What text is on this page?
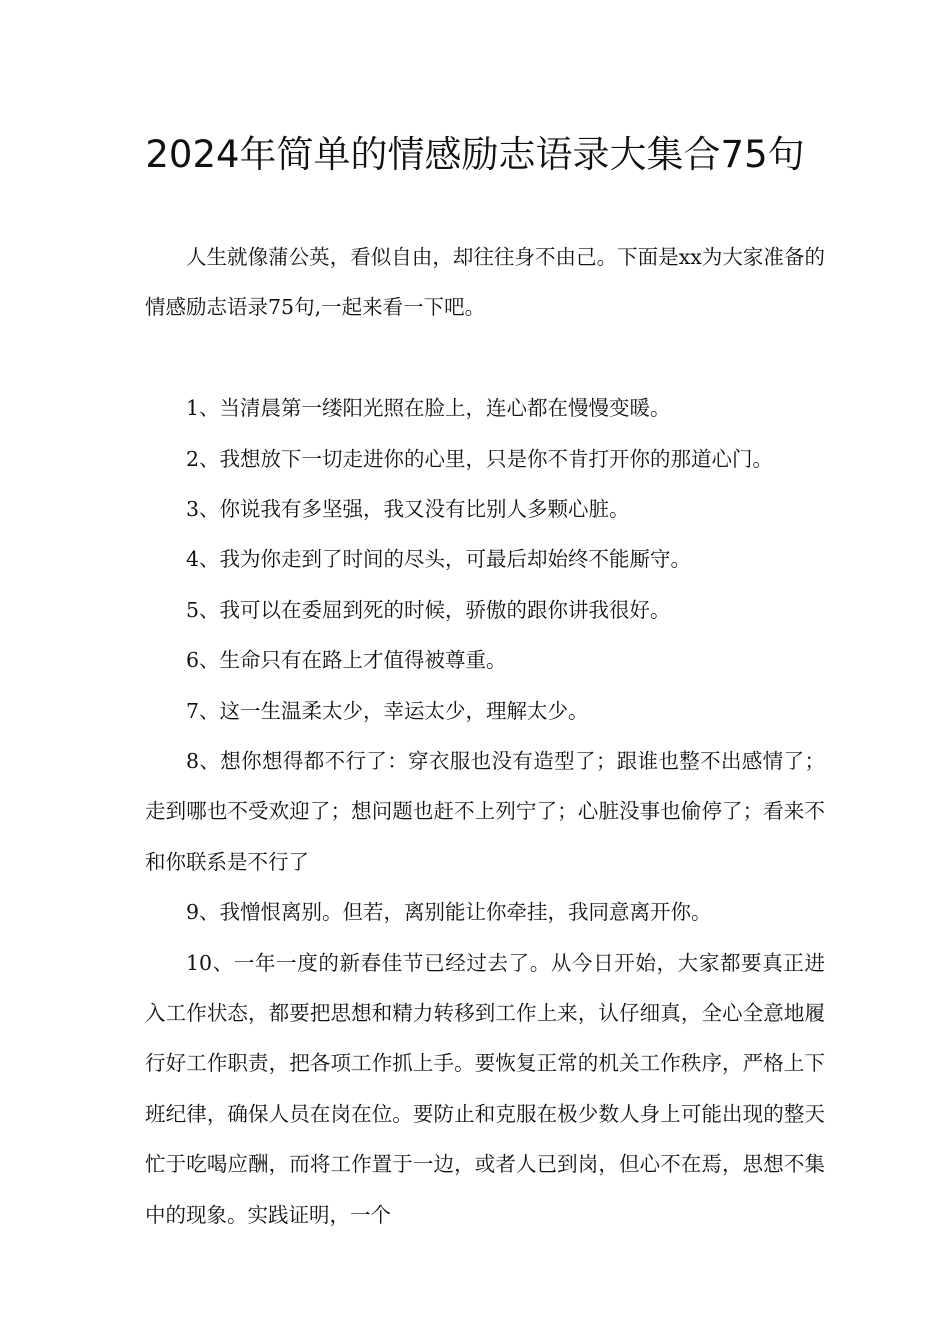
2024年简单的情感励志语录大集合75句

人生就像蒲公英，看似自由，却往往身不由己。下面是xx为大家准备的情感励志语录75句,一起来看一下吧。

1、当清晨第一缕阳光照在脸上，连心都在慢慢变暖。

2、我想放下一切走进你的心里，只是你不肯打开你的那道心门。

3、你说我有多坚强，我又没有比别人多颗心脏。

4、我为你走到了时间的尽头，可最后却始终不能厮守。

5、我可以在委屈到死的时候，骄傲的跟你讲我很好。

6、生命只有在路上才值得被尊重。

7、这一生温柔太少，幸运太少，理解太少。

8、想你想得都不行了：穿衣服也没有造型了；跟谁也整不出感情了；走到哪也不受欢迎了；想问题也赶不上列宁了；心脏没事也偷停了；看来不和你联系是不行了

9、我憎恨离别。但若，离别能让你牵挂，我同意离开你。

10、一年一度的新春佳节已经过去了。从今日开始，大家都要真正进入工作状态，都要把思想和精力转移到工作上来，认仔细真，全心全意地履行好工作职责，把各项工作抓上手。要恢复正常的机关工作秩序，严格上下班纪律，确保人员在岗在位。要防止和克服在极少数人身上可能出现的整天忙于吃喝应酬，而将工作置于一边，或者人已到岗，但心不在焉，思想不集中的现象。实践证明，一个
